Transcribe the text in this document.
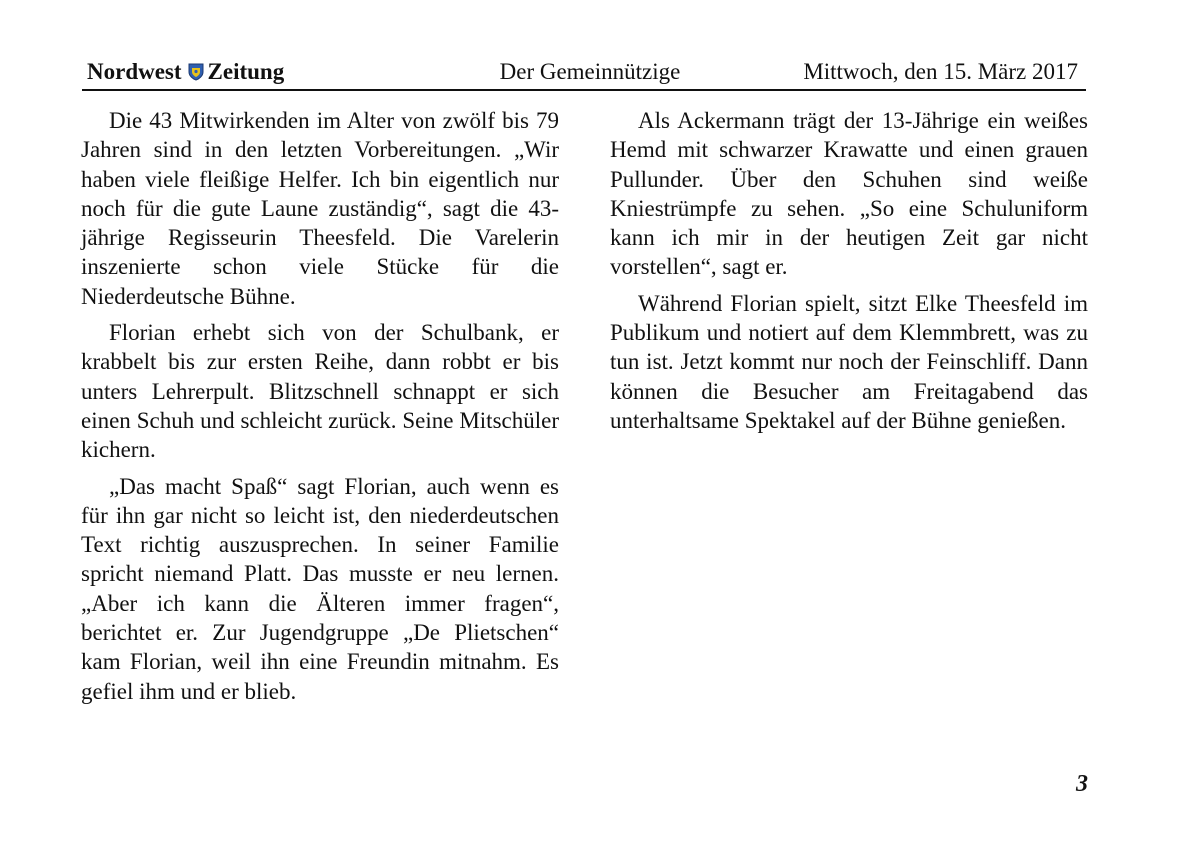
Nordwest Zeitung	Der Gemeinnützige	Mittwoch, den 15. März 2017

Die 43 Mitwirkenden im Alter von zwölf bis 79 Jahren sind in den letzten Vorbereitungen. „Wir haben viele fleißige Helfer. Ich bin eigentlich nur noch für die gute Laune zuständig“, sagt die 43-jährige Regisseurin Theesfeld. Die Varelerin inszenierte schon viele Stücke für die Niederdeutsche Bühne.

Florian erhebt sich von der Schulbank, er krabbelt bis zur ersten Reihe, dann robbt er bis unters Lehrerpult. Blitzschnell schnappt er sich einen Schuh und schleicht zurück. Seine Mitschüler kichern.

„Das macht Spaß“ sagt Florian, auch wenn es für ihn gar nicht so leicht ist, den niederdeutschen Text richtig auszusprechen. In seiner Familie spricht niemand Platt. Das musste er neu lernen. „Aber ich kann die Älteren immer fragen“, berichtet er. Zur Jugendgruppe „De Plietschen“ kam Florian, weil ihn eine Freundin mitnahm. Es gefiel ihm und er blieb.

Als Ackermann trägt der 13-Jährige ein weißes Hemd mit schwarzer Krawatte und einen grauen Pullunder. Über den Schuhen sind weiße Kniestrümpfe zu sehen. „So eine Schuluniform kann ich mir in der heutigen Zeit gar nicht vorstellen“, sagt er.

Während Florian spielt, sitzt Elke Theesfeld im Publikum und notiert auf dem Klemmbrett, was zu tun ist. Jetzt kommt nur noch der Feinschliff. Dann können die Besucher am Freitagabend das unterhaltsame Spektakel auf der Bühne genießen.

3
